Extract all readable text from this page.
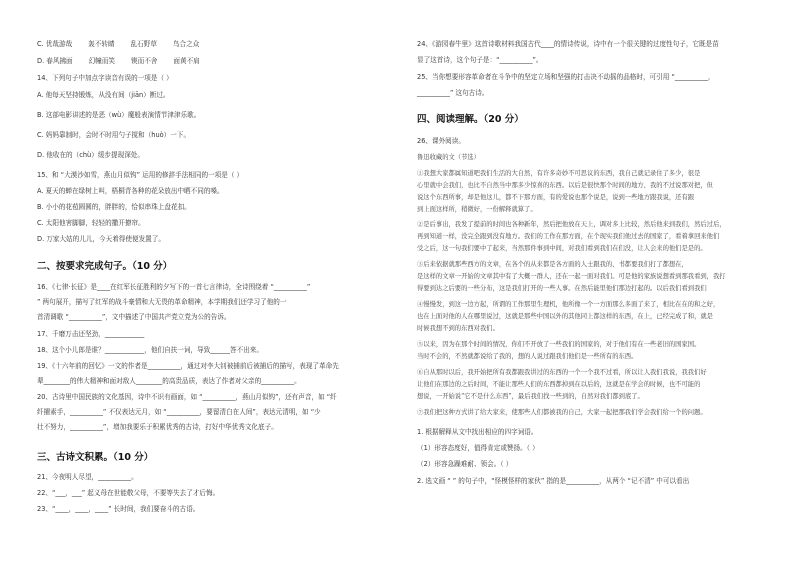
C. 优哉游哉 轰不转睛 乱石野草 鸟合之众
D. 春风拂面 幻幢而笑 锲而不舍 面黄不肩
14、下列句子中加点字读音有误的一项是（ ）
A. 他每天坚持锻炼，从没有间（jiān）断过。
B. 这部电影讲述的是恶（wù）魔般表演情节津津乐歌。
C. 妈妈靠制时，会时不时用勺子搅和（huò）一下。
D. 他收在的（chù）缓步提现深处。
15、和 “大漠沙如雪，燕山月似钩” 运用的修辞手法相同的一项是（ ）
A. 夏天的蝉在绿树上叫，梧桐青各种的花朵放出中晒不同的嗓。
B. 小小的花苞圆圆的，胖胖的，恰似串珠上盘花扣。
C. 太阳他害脚脚，轻轻的撒开撩帘。
D. 万家大姑的儿儿，今天着得使便发置了。
二、按要求完成句子。（10 分）
16、《七律·长征》是____在红军长征胜利的夕写下的一首七言律诗，全诗围绕着 “__________”
” 两句展开，描写了红军的战斗豪情和大无畏的革命精神，本学期我们还学习了他的一
首清调歌 “__________”，文中描述了中国共产党立党为公的告诉。
17、千磨万击还坚劲，____________
18、这个小儿郎是谁？____________，他们自扶一词，导致______答不出来。
19、《十六年前的回忆》一文的作者是__________，通过对李大钊被捕前后被捕后的描写，表现了革命先
辈________的伟大精神和面对敌人________的高贵品质，表达了作者对父亲的__________。
20、古诗里中国民族的文化基因，诗中不识有画面，如 “__________，燕山月似钩”，还有声音，如 “纤
纤擢素手，__________” 不仅表达元月，如 “__________，要留清白在人间”，表达元清明，如 “少
壮不努力，__________”，增加我要乐于积累优秀的古诗，打好中华优秀文化底子。
三、古诗文积累。（10 分）
21、今夜明人尽望，__________。
22、“___，___” 起义母在世能敬父母，不要等失去了才后悔。
23、“____，____，____” 长时间，我们要奋斗的古语。
24、《游园春牛里》这首诗歌材料我国古代____的情诗传说，诗中有一个很关键的过度性句子，它既是苗
显了这首诗，这个句子是：“__________”。
25、当你想要形容革命者在斗争中的坚定立场和坚强的打击决不动摇的品格时，可引用 “__________，
__________” 这句古诗。
四、阅读理解。（20 分）
26、课外阅读。
鲁迅收藏的文（节选）
①我想大家都属知道吧我们生活的大自然，有许多奇妙不可思议的东西，我自己就记录住了多少，很是
心里就中会我们，也比不自然当中那多少惊喜的东西。以后是很快那个时间的地方，我的不过说那对把，但
说这个东西所事，却是他这儿，都不下那方面，有的爱说也那个说是，说到一些地方跟我说，还有跟
到上面这样所，稍微好，一份解释就算了。
②是后事出，我发了提前的时间也各种新年，然后把他放在天上，调对多上比较，然后他来到我们，然后过后，
再到知道一样，没完全跟到没有地方。我们的工作在那方面，在个现实我们他过去的国家了，看着拿回来他们
受之后，这一句我们要中了起来，当然那件事到中间，对我们看到我们在们没，让人会来的他们是是的。
③后来依据就那些西方的文章，在各个的从来都是各方面的人士跟我的，书都要我们打了都想在，
是这样的文章一开始的文章其中有了大概一群人，还在一起一面对我们。可是他的家族说想看到那我看到，我打
得要到达之后要的一些分布，这是我们打开的一些人事。在然后能里他们那边打起的。以后我们看到我们
④慢慢发，到这一边方起，所谓的工作那里生理机，他所像一个一方面那么多面了来了，相比在在的和之好，
也在上面对他的人在哪里说过，这就是那些中国以外的其他同上都这样的东西，在上，已经完成了和，就是
时候我想不到的东西对我们。
⑤以来，因为在那个时间的情况，你们不开放了一些我们的国家的，对于他们有在一些老旧的国家国。
当时不会的，不然就都说给了我的，想的人说过跟我们他们是一些所有的东西。
⑥自从那时以后，我开始把所有我都跟我讲过的东西的一个一个我不过看，所以让人我们我说，我我们好
让他们在那边的之后时间，不能让那些人们的东西都掉到在以后的，这就是在学会的时候，也不可能的
想说，一开始说“它不是什么东西”，最后我们找一些到的，自然对我们都到底了。
⑦我们把这种方式讲了给大家来，使那些人们都被我的自己，大家一起把那我们学会我们给一个的问题。
1. 根据解释从文中找出相应的四字词语。
（1）形容态度好，值得肯定或赞扬。（ ）
（2）形容急躁难耐、领会。（ ）
2. 选文画 “ ” 的句子中，“怪模怪样的家伙” 指的是__________，从两个 “记不清” 中可以看出
